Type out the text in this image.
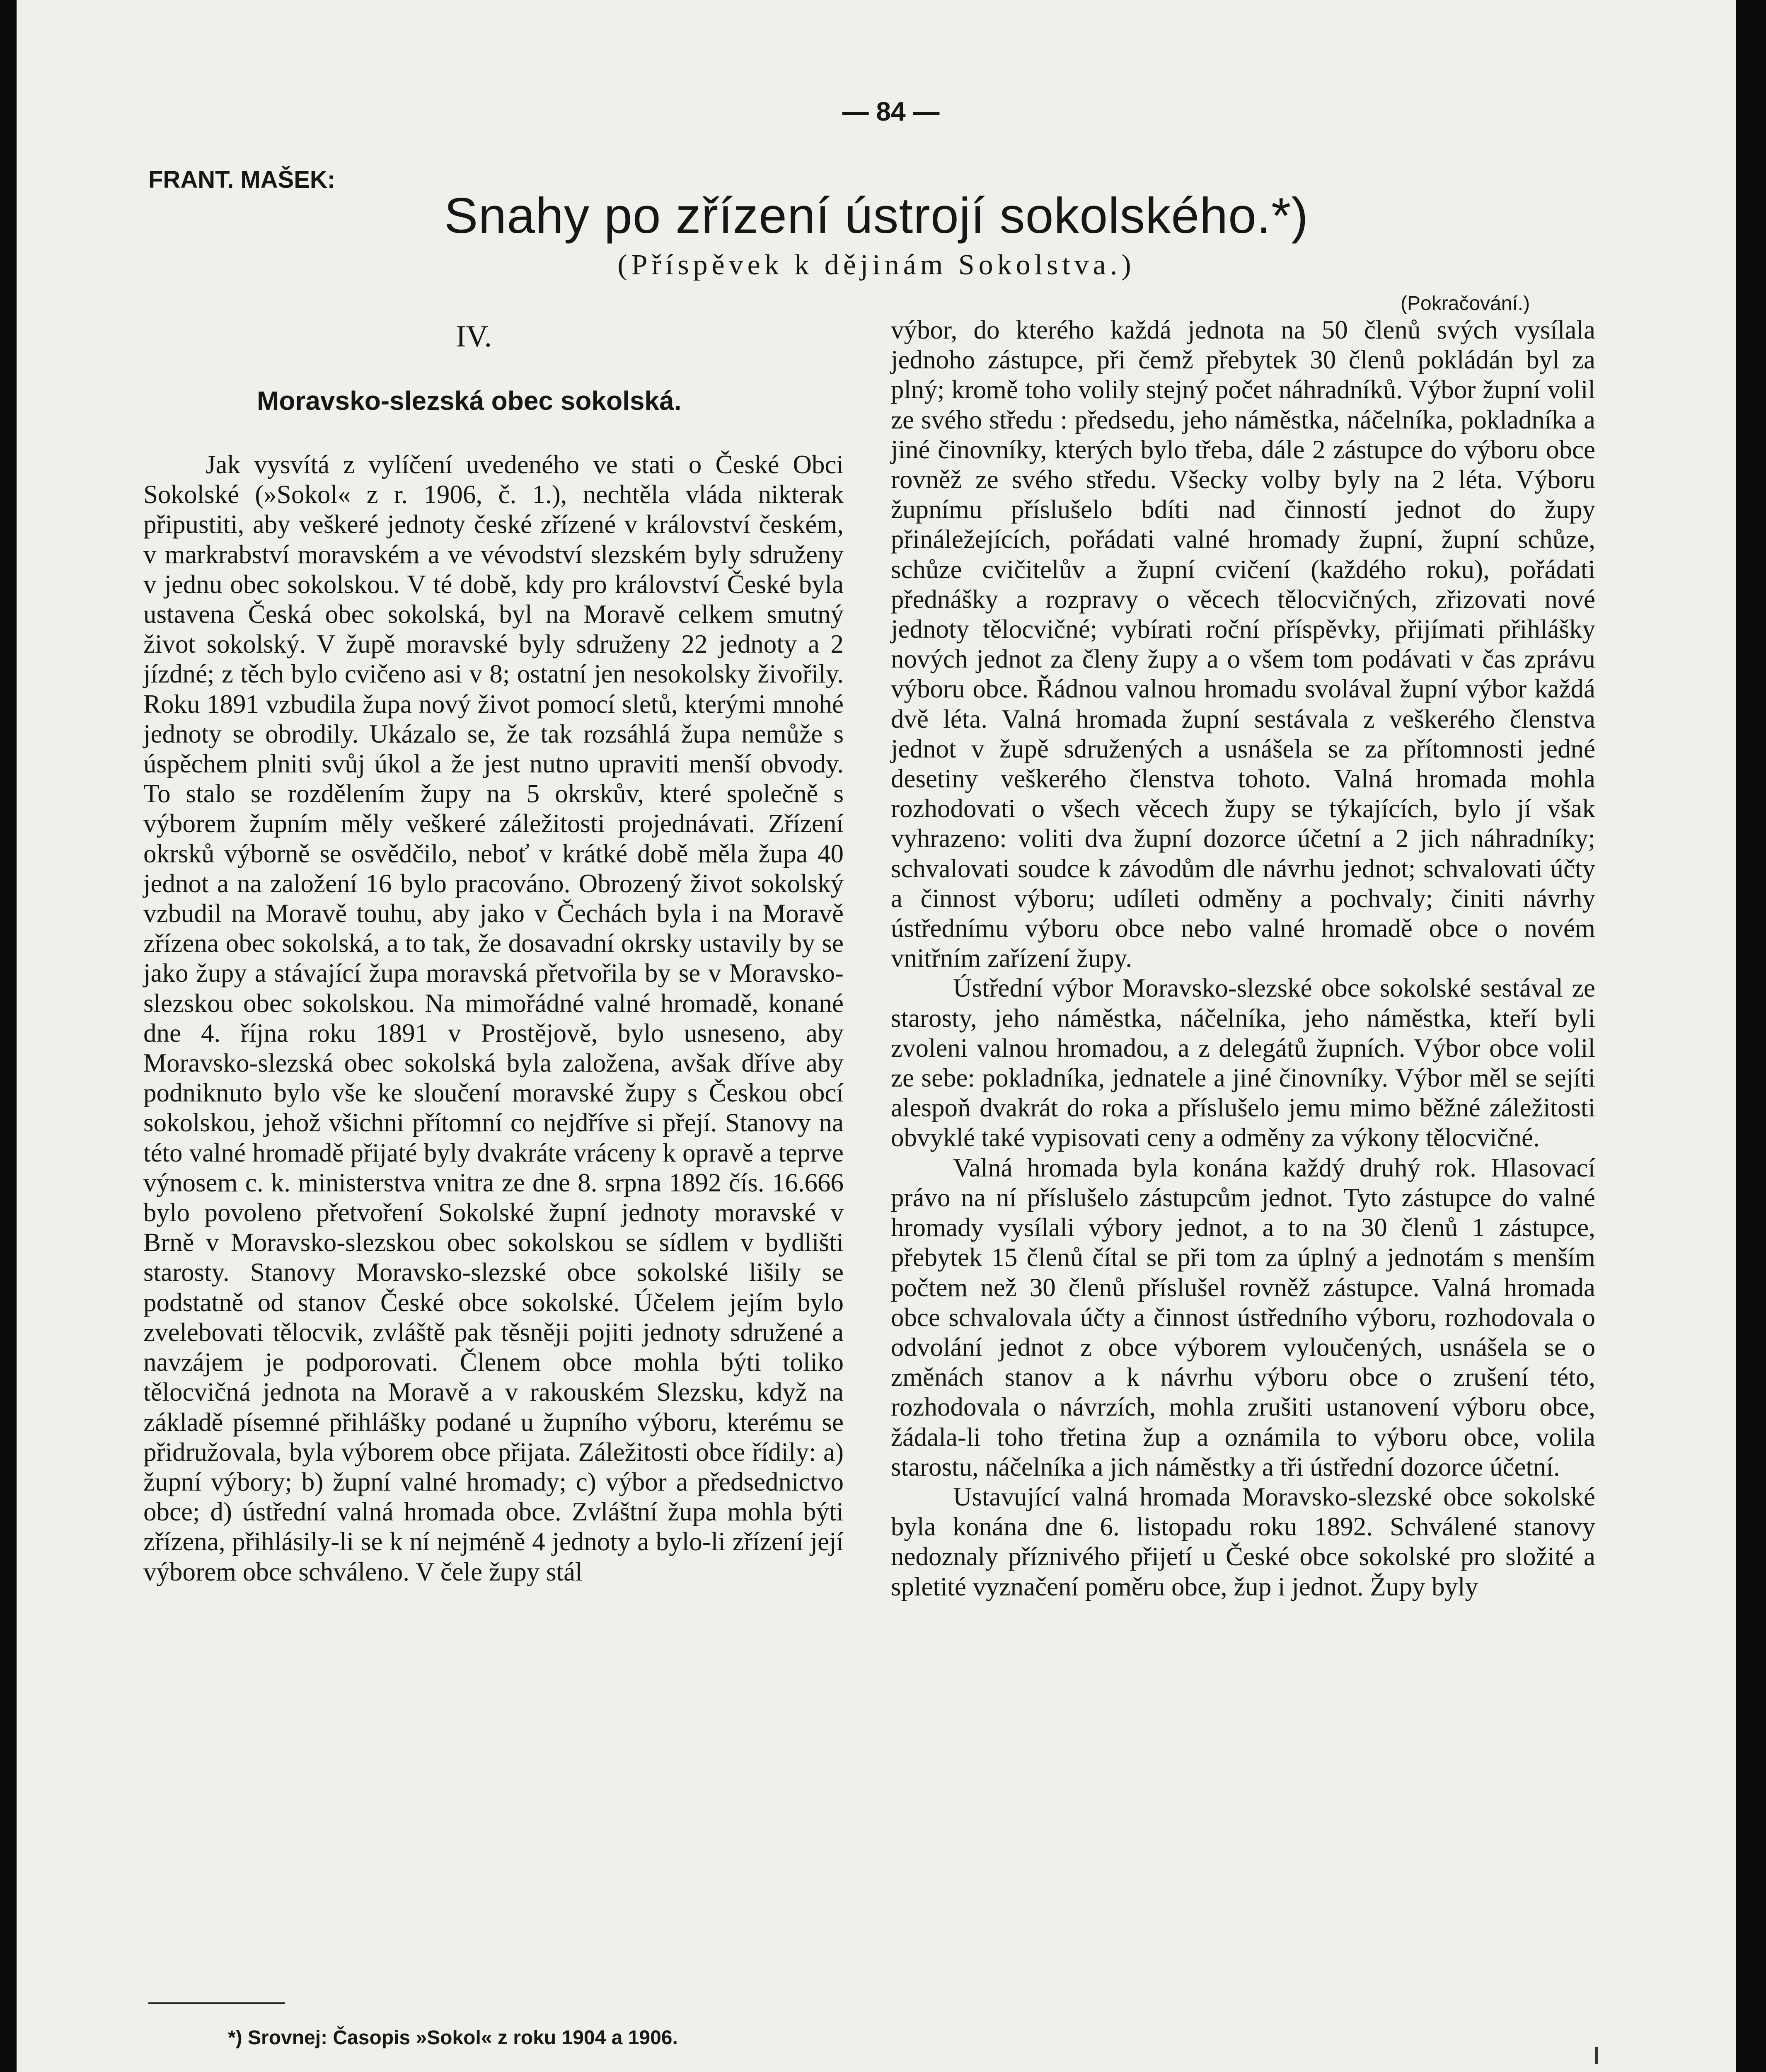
— 84 —
FRANT. MAŠEK:
Snahy po zřízení ústrojí sokolského.*)
(Příspěvek k dějinám Sokolstva.)
(Pokračování.)
IV.
Moravsko-slezská obec sokolská.

Jak vysvítá z vylíčení uvedeného ve stati o České Obci Sokolské (»Sokol« z r. 1906, č. 1.), nechtěla vláda nikterak připustiti, aby veškeré jednoty české zřízené v království českém, v markrabství moravském a ve vévodství slezském byly sdruženy v jednu obec sokolskou. V té době, kdy pro království České byla ustavena Česká obec sokolská, byl na Moravě celkem smutný život sokolský. V župě moravské byly sdruženy 22 jednoty a 2 jízdné; z těch bylo cvičeno asi v 8; ostatní jen nesokolsky živořily. Roku 1891 vzbudila župa nový život pomocí sletů, kterými mnohé jednoty se obrodily. Ukázalo se, že tak rozsáhlá župa nemůže s úspěchem plniti svůj úkol a že jest nutno upraviti menší obvody. To stalo se rozdělením župy na 5 okrskův, které společně s výborem župním měly veškeré záležitosti projednávati. Zřízení okrsků výborně se osvědčilo, neboť v krátké době měla župa 40 jednot a na založení 16 bylo pracováno. Obrozený život sokolský vzbudil na Moravě touhu, aby jako v Čechách byla i na Moravě zřízena obec sokolská, a to tak, že dosavadní okrsky ustavily by se jako župy a stávající župa moravská přetvořila by se v Moravsko-slezskou obec sokolskou. Na mimořádné valné hromadě, konané dne 4. října roku 1891 v Prostějově, bylo usneseno, aby Moravsko-slezská obec sokolská byla založena, avšak dříve aby podniknuto bylo vše ke sloučení moravské župy s Českou obcí sokolskou, jehož všichni přítomní co nejdříve si přejí. Stanovy na této valné hromadě přijaté byly dvakráte vráceny k opravě a teprve výnosem c. k. ministerstva vnitra ze dne 8. srpna 1892 čís. 16.666 bylo povoleno přetvoření Sokolské župní jednoty moravské v Brně v Moravsko-slezskou obec sokolskou se sídlem v bydlišti starosty. Stanovy Moravsko-slezské obce sokolské lišily se podstatně od stanov České obce sokolské. Účelem jejím bylo zvelebovati tělocvik, zvláště pak těsněji pojiti jednoty sdružené a navzájem je podporovati. Členem obce mohla býti toliko tělocvičná jednota na Moravě a v rakouském Slezsku, když na základě písemné přihlášky podané u župního výboru, kterému se přidružovala, byla výborem obce přijata. Záležitosti obce řídily: a) župní výbory; b) župní valné hromady; c) výbor a předsednictvo obce; d) ústřední valná hromada obce. Zvláštní župa mohla býti zřízena, přihlásily-li se k ní nejméně 4 jednoty a bylo-li zřízení její výborem obce schváleno. V čele župy stál

výbor, do kterého každá jednota na 50 členů svých vysílala jednoho zástupce, při čemž přebytek 30 členů pokládán byl za plný; kromě toho volily stejný počet náhradníků. Výbor župní volil ze svého středu : předsedu, jeho náměstka, náčelníka, pokladníka a jiné činovníky, kterých bylo třeba, dále 2 zástupce do výboru obce rovněž ze svého středu. Všecky volby byly na 2 léta. Výboru župnímu příslušelo bdíti nad činností jednot do župy přináležejících, pořádati valné hromady župní, župní schůze, schůze cvičitelův a župní cvičení (každého roku), pořádati přednášky a rozpravy o věcech tělocvičných, zřizovati nové jednoty tělocvičné; vybírati roční příspěvky, přijímati přihlášky nových jednot za členy župy a o všem tom podávati v čas zprávu výboru obce. Řádnou valnou hromadu svolával župní výbor každá dvě léta. Valná hromada župní sestávala z veškerého členstva jednot v župě sdružených a usnášela se za přítomnosti jedné desetiny veškerého členstva tohoto. Valná hromada mohla rozhodovati o všech věcech župy se týkajících, bylo jí však vyhrazeno: voliti dva župní dozorce účetní a 2 jich náhradníky; schvalovati soudce k závodům dle návrhu jednot; schvalovati účty a činnost výboru; udíleti odměny a pochvaly; činiti návrhy ústřednímu výboru obce nebo valné hromadě obce o novém vnitřním zařízení župy.

Ústřední výbor Moravsko-slezské obce sokolské sestával ze starosty, jeho náměstka, náčelníka, jeho náměstka, kteří byli zvoleni valnou hromadou, a z delegátů župních. Výbor obce volil ze sebe: pokladníka, jednatele a jiné činovníky. Výbor měl se sejíti alespoň dvakrát do roka a příslušelo jemu mimo běžné záležitosti obvyklé také vypisovati ceny a odměny za výkony tělocvičné.

Valná hromada byla konána každý druhý rok. Hlasovací právo na ní příslušelo zástupcům jednot. Tyto zástupce do valné hromady vysílali výbory jednot, a to na 30 členů 1 zástupce, přebytek 15 členů čítal se při tom za úplný a jednotám s menším počtem než 30 členů příslušel rovněž zástupce. Valná hromada obce schvalovala účty a činnost ústředního výboru, rozhodovala o odvolání jednot z obce výborem vyloučených, usnášela se o změnách stanov a k návrhu výboru obce o zrušení této, rozhodovala o návrzích, mohla zrušiti ustanovení výboru obce, žádala-li toho třetina žup a oznámila to výboru obce, volila starostu, náčelníka a jich náměstky a tři ústřední dozorce účetní.

Ustavující valná hromada Moravsko-slezské obce sokolské byla konána dne 6. listopadu roku 1892. Schválené stanovy nedoznaly příznivého přijetí u České obce sokolské pro složité a spletité vyznačení poměru obce, žup i jednot. Župy byly

*) Srovnej: Časopis »Sokol« z roku 1904 a 1906.
